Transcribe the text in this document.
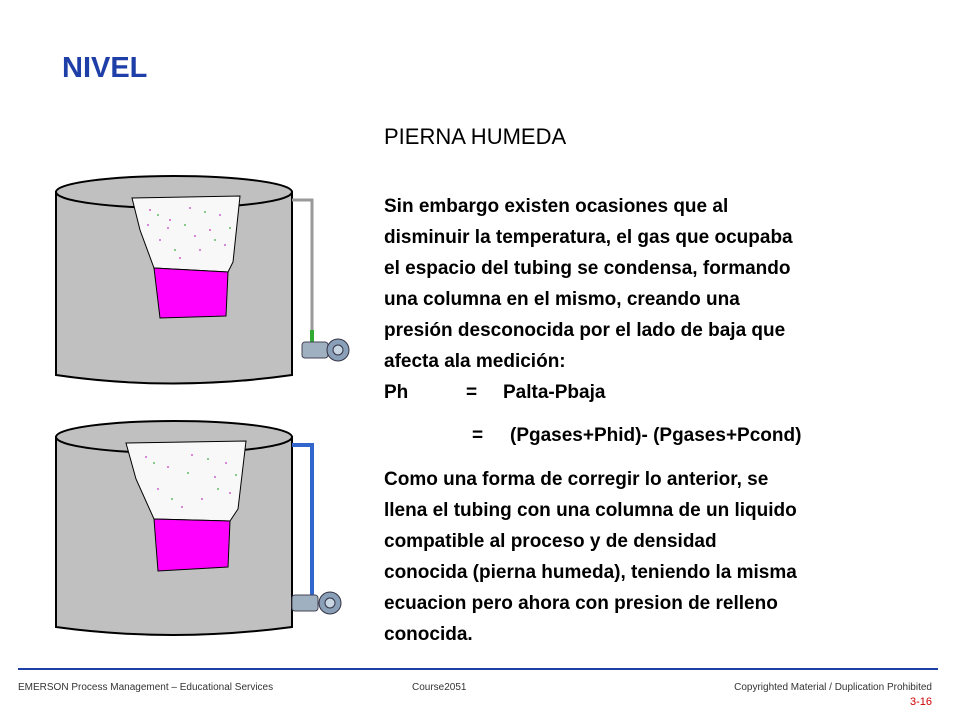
NIVEL
PIERNA HUMEDA
Sin embargo existen ocasiones que al
disminuir la temperatura, el gas que ocupaba
el espacio del tubing se condensa, formando
una columna en el mismo, creando una
presión desconocida por el lado de baja que
afecta ala medición:
Ph	= Palta-Pbaja
= (Pgases+Phid)- (Pgases+Pcond)
Como una forma de corregir lo anterior, se
llena el tubing con una columna de un liquido
compatible al proceso y de densidad
conocida (pierna humeda), teniendo la misma
ecuacion pero ahora con presion de relleno
conocida.
EMERSON Process Management – Educational Services	Course2051	Copyrighted Material / Duplication Prohibited
3-16
